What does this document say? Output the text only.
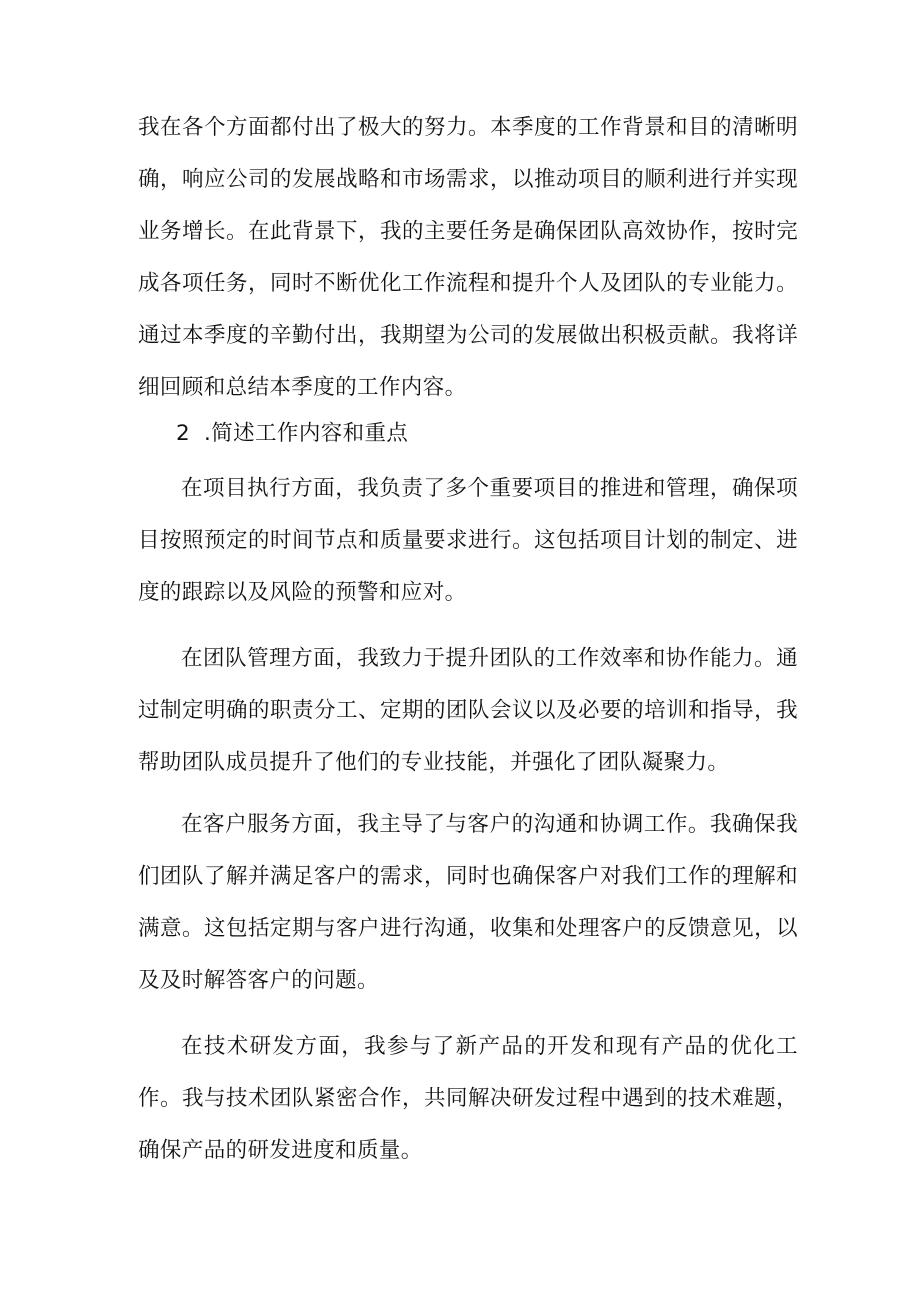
我在各个方面都付出了极大的努力。本季度的工作背景和目的清晰明确，响应公司的发展战略和市场需求，以推动项目的顺利进行并实现业务增长。在此背景下，我的主要任务是确保团队高效协作，按时完成各项任务，同时不断优化工作流程和提升个人及团队的专业能力。通过本季度的辛勤付出，我期望为公司的发展做出积极贡献。我将详细回顾和总结本季度的工作内容。

2 .简述工作内容和重点

在项目执行方面，我负责了多个重要项目的推进和管理，确保项目按照预定的时间节点和质量要求进行。这包括项目计划的制定、进度的跟踪以及风险的预警和应对。

在团队管理方面，我致力于提升团队的工作效率和协作能力。通过制定明确的职责分工、定期的团队会议以及必要的培训和指导，我帮助团队成员提升了他们的专业技能，并强化了团队凝聚力。

在客户服务方面，我主导了与客户的沟通和协调工作。我确保我们团队了解并满足客户的需求，同时也确保客户对我们工作的理解和满意。这包括定期与客户进行沟通，收集和处理客户的反馈意见，以及及时解答客户的问题。

在技术研发方面，我参与了新产品的开发和现有产品的优化工作。我与技术团队紧密合作，共同解决研发过程中遇到的技术难题，确保产品的研发进度和质量。
